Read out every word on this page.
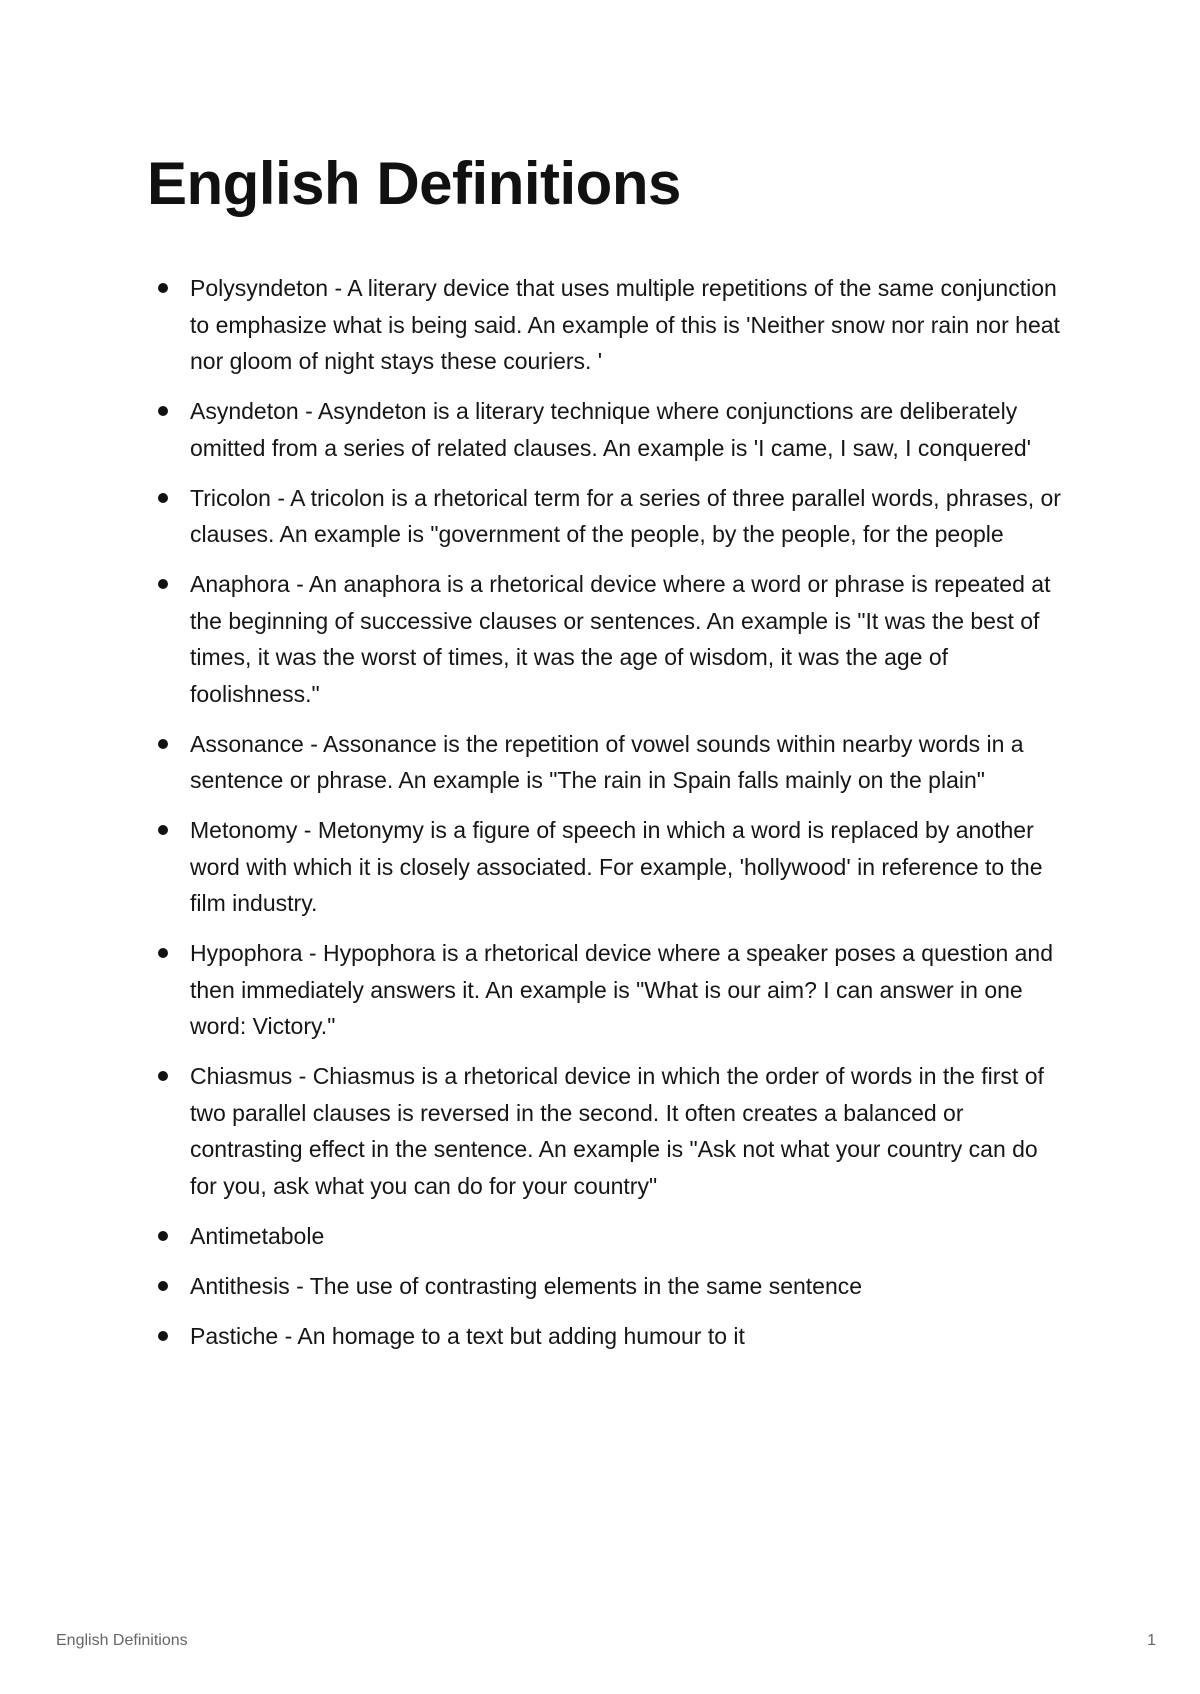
English Definitions
Polysyndeton - A literary device that uses multiple repetitions of the same conjunction to emphasize what is being said. An example of this is 'Neither snow nor rain nor heat nor gloom of night stays these couriers. '
Asyndeton - Asyndeton is a literary technique where conjunctions are deliberately omitted from a series of related clauses. An example is 'I came, I saw, I conquered'
Tricolon - A tricolon is a rhetorical term for a series of three parallel words, phrases, or clauses. An example is "government of the people, by the people, for the people
Anaphora - An anaphora is a rhetorical device where a word or phrase is repeated at the beginning of successive clauses or sentences. An example is "It was the best of times, it was the worst of times, it was the age of wisdom, it was the age of foolishness."
Assonance - Assonance is the repetition of vowel sounds within nearby words in a sentence or phrase. An example is "The rain in Spain falls mainly on the plain"
Metonomy - Metonymy is a figure of speech in which a word is replaced by another word with which it is closely associated. For example, 'hollywood' in reference to the film industry.
Hypophora - Hypophora is a rhetorical device where a speaker poses a question and then immediately answers it. An example is "What is our aim? I can answer in one word: Victory."
Chiasmus - Chiasmus is a rhetorical device in which the order of words in the first of two parallel clauses is reversed in the second. It often creates a balanced or contrasting effect in the sentence. An example is "Ask not what your country can do for you, ask what you can do for your country"
Antimetabole
Antithesis - The use of contrasting elements in the same sentence
Pastiche - An homage to a text but adding humour to it
English Definitions	1
